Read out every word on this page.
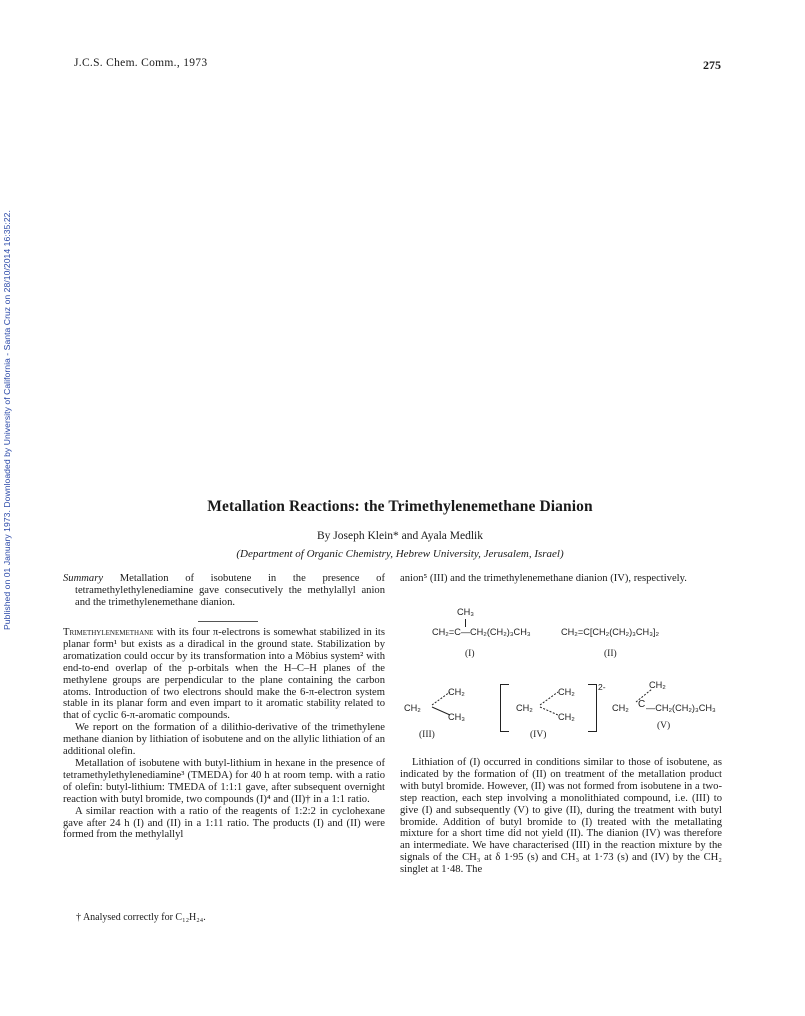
Published on 01 January 1973. Downloaded by University of California - Santa Cruz on 28/10/2014 16:35:22.
J.C.S. Chem. Comm., 1973	275
Metallation Reactions: the Trimethylenemethane Dianion
By Joseph Klein* and Ayala Medlik
(Department of Organic Chemistry, Hebrew University, Jerusalem, Israel)

Summary Metallation of isobutene in the presence of tetramethylethylenediamine gave consecutively the methylallyl anion and the trimethylenemethane dianion.

Trimethylenemethane with its four π-electrons is somewhat stabilized in its planar form¹ but exists as a diradical in the ground state. Stabilization by aromatization could occur by its transformation into a Möbius system² with end-to-end overlap of the p-orbitals when the H–C–H planes of the methylene groups are perpendicular to the plane containing the carbon atoms. Introduction of two electrons should make the 6-π-electron system stable in its planar form and even impart to it aromatic stability related to that of cyclic 6-π-aromatic compounds.

We report on the formation of a dilithio-derivative of the trimethylene methane dianion by lithiation of isobutene and on the allylic lithiation of an additional olefin.

Metallation of isobutene with butyl-lithium in hexane in the presence of tetramethylethylenediamine³ (TMEDA) for 40 h at room temp. with a ratio of olefin: butyl-lithium: TMEDA of 1:1:1 gave, after subsequent overnight reaction with butyl bromide, two compounds (I)⁴ and (II)† in a 1:1 ratio.

A similar reaction with a ratio of the reagents of 1:2:2 in cyclohexane gave after 24 h (I) and (II) in a 1:11 ratio. The products (I) and (II) were formed from the methylallyl

† Analysed correctly for C₁₂H₂₄.

anion⁵ (III) and the trimethylenemethane dianion (IV), respectively.

CH₃
CH₂=C—CH₂(CH₂)₃CH₃
(I)
CH₂=C[CH₂(CH₂)₃CH₃]₂
(II)
CH₂
CH₂
CH₃
(III)
CH₂
CH₂
CH₂
2-
(IV)
CH₂
CH₂ C —CH₂(CH₂)₃CH₃
(V)

Lithiation of (I) occurred in conditions similar to those of isobutene, as indicated by the formation of (II) on treatment of the metallation product with butyl bromide. However, (II) was not formed from isobutene in a two-step reaction, each step involving a monolithiated compound, i.e. (III) to give (I) and subsequently (V) to give (II), during the treatment with butyl bromide. Addition of butyl bromide to (I) treated with the metallating mixture for a short time did not yield (II). The dianion (IV) was therefore an intermediate. We have characterised (III) in the reaction mixture by the signals of the CH₃ at δ 1·95 (s) and CH₃ at 1·73 (s) and (IV) by the CH₂ singlet at 1·48. The
